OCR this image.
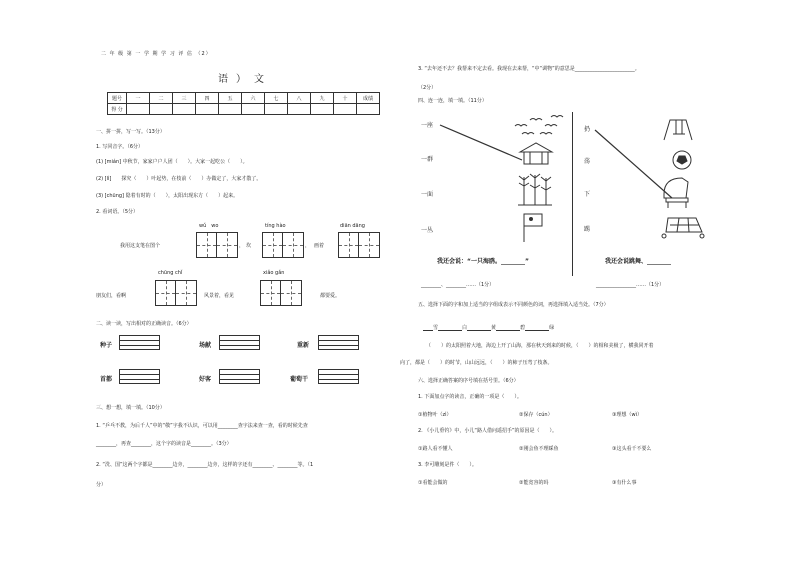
二 年 级 第 一 学 期 学 习 评 估 （2）
语 ） 文
题号	一	二	三	四	五	六	七	八	九	十	成绩
得 分											
一、拼一拼，写一写。（13分）
1. 写同音字。（6分）
(1) [mián] 中秋节，家家户户人团（　　）。大家一起吃公（　　）。
(2) [lì]　　探究（　　）叶起势，在枝前（　　）办做定了，大家才散了。
(3) [chūng] 隐着有时的（　　），太阳出现东方（　　）起来。
2. 看词语。（5分）
wǔ　wo	tíng hào	diān dāng
我用这支笔在图个	， 坎	， 画着
chūng chǐ	xiǎo gǎn
朋友们，看啊	风景着，看见	都要爱。
二、读一读，写出相对的正确读音。（6分）
种子	场献	重新
首都	好客	葡萄干
三、想一想，填一填。（10分）
1. “乒乓不教，为后千人”中的“敬”字我不认识，可以用________查字法来查一查，看的时候先查
________，再查________，这个字的读音是________。（3分）
2. “洗、国”这两个字都是________边旁，________边旁，这样的字还有________、________等。（1
分）
3. “去年还不去？我帮来不定去看。我现在去来帮，“中“调物”的意思是________________________。
（2分）
四、连一连，填一填。（11分）
一座
一群
一面
一丛
扔
荡
下
踢
我还会说：“一只海鸥。________”	我还会说跳舞、________
________、________……（1分）	________________……（1分）
五、选择下面的字和加上适当的字组成表示不同颜色的词，再选择填入适当处。（7分）
雪	白	黄	碧	绿
（　　）的太阳照着大地，海边上开了山海，那在秋天到来的时候，（　　）的相和美极了，横我同开着
向了，都是（　　）的时节，山山远远，（　　）的柿子压弯了枝条。
六、选择正确答案的序号填在括号里。（6分）
1. 下面加点字的读音，正确的一项是（　　）。
①植物叶（zì）	②保存（cún）	③理想（wì）
2. 《小儿垂钓》中，小儿“路人借问遥招手”的原因是（　　）。
①路人看不懂人	②刚会鱼不理睬鱼	③这头看千不要么
3. 李可雕刻是件（　　）。
①看能会做的	②能宽容的吗	③有什么事
